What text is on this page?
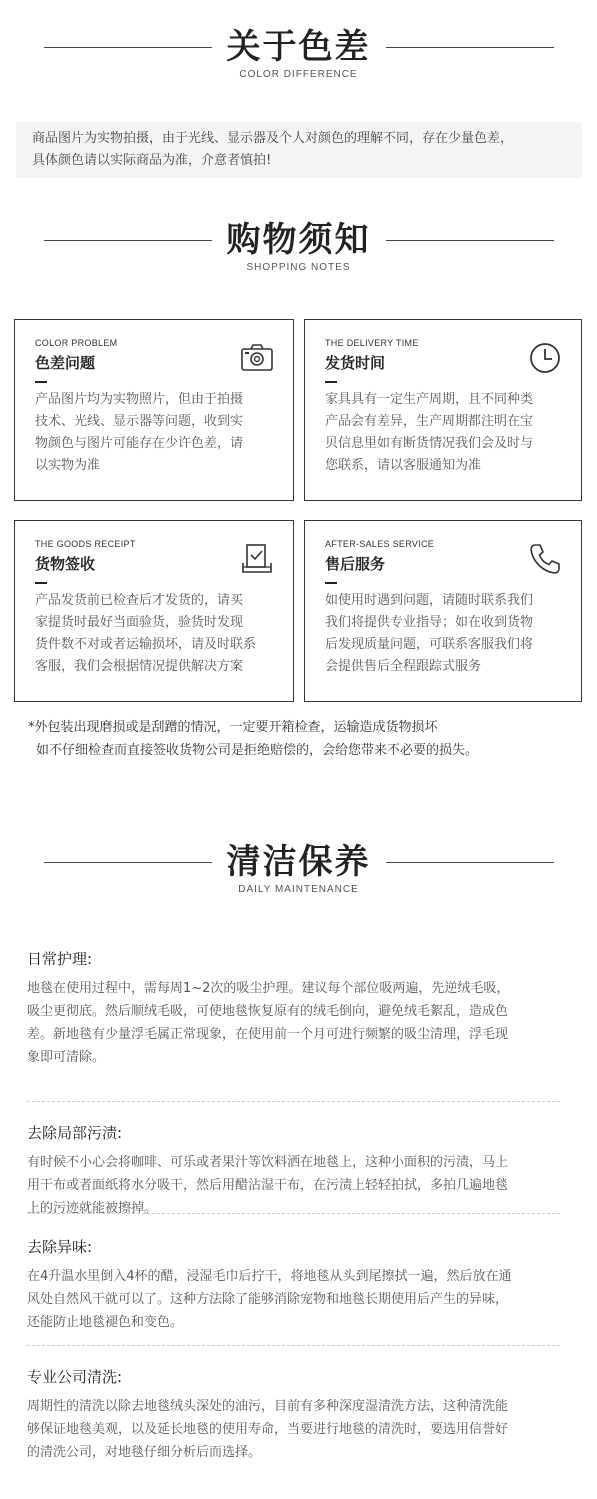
关于色差
COLOR DIFFERENCE
商品图片为实物拍摄，由于光线、显示器及个人对颜色的理解不同，存在少量色差，
具体颜色请以实际商品为准，介意者慎拍!
购物须知
SHOPPING NOTES
COLOR PROBLEM
色差问题
产品图片均为实物照片，但由于拍摄
技术、光线、显示器等问题，收到实
物颜色与图片可能存在少许色差，请
以实物为准
THE DELIVERY TIME
发货时间
家具具有一定生产周期，且不同种类
产品会有差异，生产周期都注明在宝
贝信息里如有断货情况我们会及时与
您联系，请以客服通知为准
THE GOODS RECEIPT
货物签收
产品发货前已检查后才发货的，请买
家提货时最好当面验货，验货时发现
货件数不对或者运输损坏，请及时联系
客服，我们会根据情况提供解决方案
AFTER-SALES SERVICE
售后服务
如使用时遇到问题，请随时联系我们
我们将提供专业指导；如在收到货物
后发现质量问题，可联系客服我们将
会提供售后全程跟踪式服务
*外包装出现磨损或是刮蹭的情况，一定要开箱检查，运输造成货物损坏
如不仔细检查而直接签收货物公司是拒绝赔偿的，会给您带来不必要的损失。
清洁保养
DAILY MAINTENANCE
日常护理:
地毯在使用过程中，需每周1~2次的吸尘护理。建议每个部位吸两遍，先逆绒毛吸，
吸尘更彻底。然后顺绒毛吸，可使地毯恢复原有的绒毛倒向，避免绒毛絮乱，造成色
差。新地毯有少量浮毛属正常现象，在使用前一个月可进行频繁的吸尘清理，浮毛现
象即可清除。
去除局部污渍:
有时候不小心会将咖啡、可乐或者果汁等饮料洒在地毯上，这种小面积的污渍，马上
用干布或者面纸将水分吸干，然后用醋沾湿干布，在污渍上轻轻拍拭，多拍几遍地毯
上的污迹就能被擦掉。
去除异味:
在4升温水里倒入4杯的醋，浸湿毛巾后拧干，将地毯从头到尾擦拭一遍，然后放在通
风处自然风干就可以了。这种方法除了能够消除宠物和地毯长期使用后产生的异味，
还能防止地毯褪色和变色。
专业公司清洗:
周期性的清洗以除去地毯绒头深处的油污，目前有多种深度湿清洗方法，这种清洗能
够保证地毯美观，以及延长地毯的使用寿命，当要进行地毯的清洗时，要选用信誉好
的清洗公司，对地毯仔细分析后而选择。
